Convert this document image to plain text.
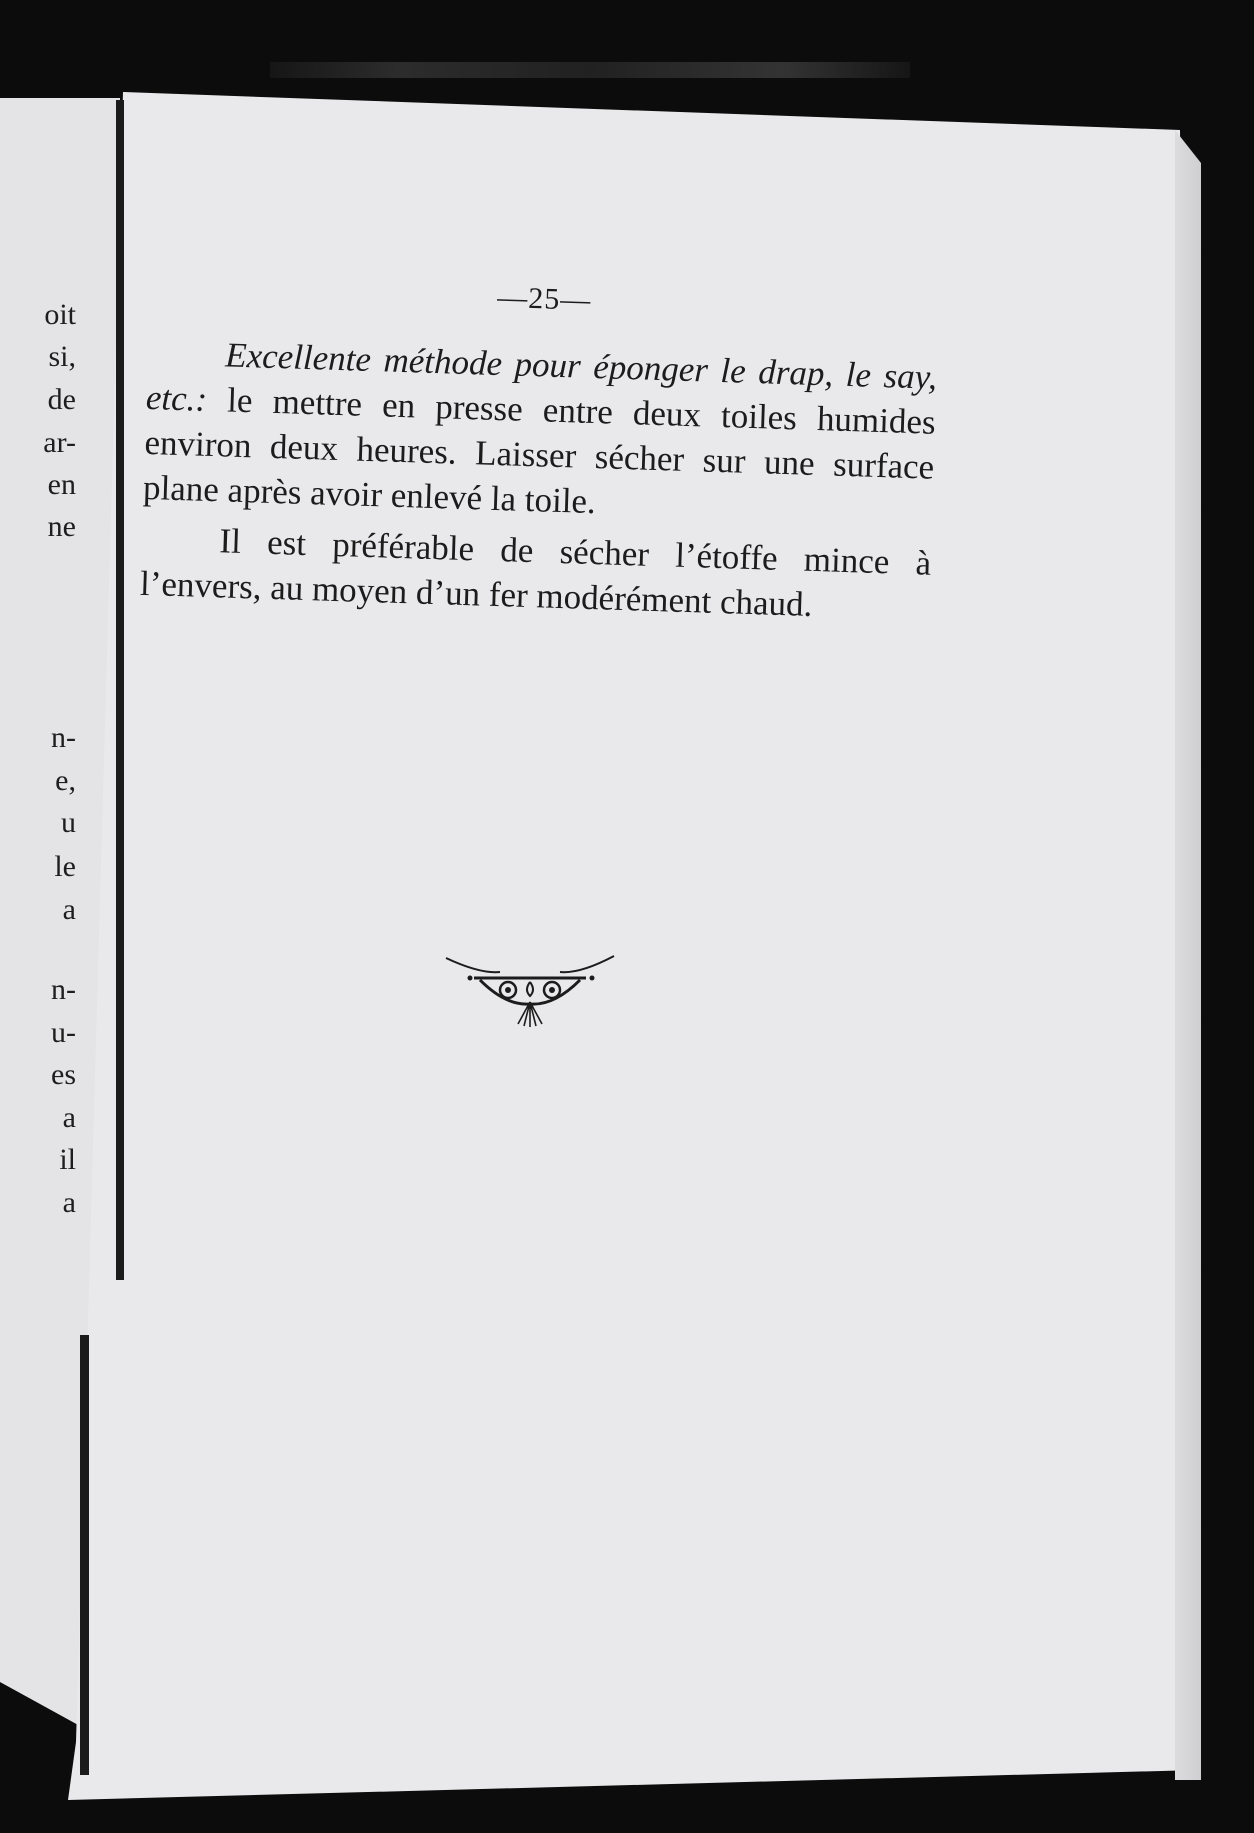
oit
si,
de
ar-
en
ne
n-
e,
u
le
a
n-
u-
es
a
il
a
—25—

Excellente méthode pour éponger le drap, le say, etc.: le mettre en presse entre deux toiles humides environ deux heures. Laisser sécher sur une surface plane après avoir enlevé la toile.

Il est préférable de sécher l’étoffe mince à l’envers, au moyen d’un fer modérément chaud.
